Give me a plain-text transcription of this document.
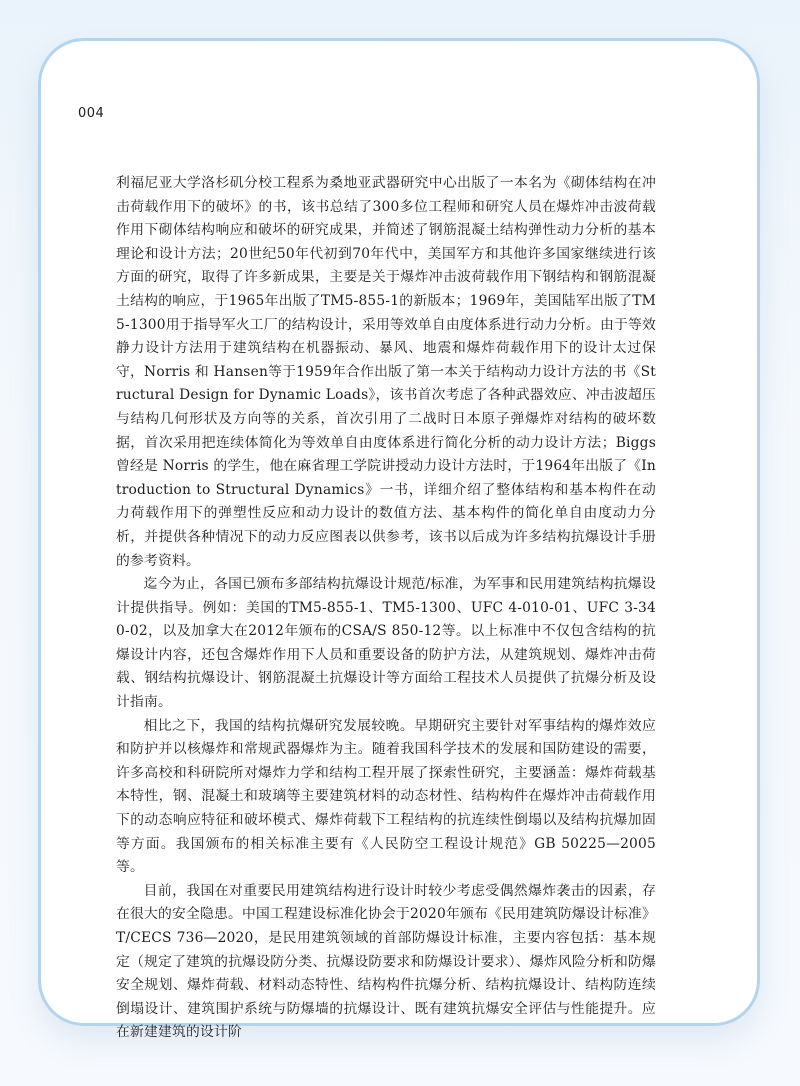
004

利福尼亚大学洛杉矶分校工程系为桑地亚武器研究中心出版了一本名为《砌体结构在冲击荷载作用下的破坏》的书，该书总结了300多位工程师和研究人员在爆炸冲击波荷载作用下砌体结构响应和破坏的研究成果，并简述了钢筋混凝土结构弹性动力分析的基本理论和设计方法；20世纪50年代初到70年代中，美国军方和其他许多国家继续进行该方面的研究，取得了许多新成果，主要是关于爆炸冲击波荷载作用下钢结构和钢筋混凝土结构的响应，于1965年出版了TM5-855-1的新版本；1969年，美国陆军出版了TM5-1300用于指导军火工厂的结构设计，采用等效单自由度体系进行动力分析。由于等效静力设计方法用于建筑结构在机器振动、暴风、地震和爆炸荷载作用下的设计太过保守，Norris 和 Hansen等于1959年合作出版了第一本关于结构动力设计方法的书《Structural Design for Dynamic Loads》，该书首次考虑了各种武器效应、冲击波超压与结构几何形状及方向等的关系，首次引用了二战时日本原子弹爆炸对结构的破坏数据，首次采用把连续体简化为等效单自由度体系进行简化分析的动力设计方法；Biggs 曾经是 Norris 的学生，他在麻省理工学院讲授动力设计方法时，于1964年出版了《Introduction to Structural Dynamics》一书，详细介绍了整体结构和基本构件在动力荷载作用下的弹塑性反应和动力设计的数值方法、基本构件的简化单自由度动力分析，并提供各种情况下的动力反应图表以供参考，该书以后成为许多结构抗爆设计手册的参考资料。

迄今为止，各国已颁布多部结构抗爆设计规范/标准，为军事和民用建筑结构抗爆设计提供指导。例如：美国的TM5-855-1、TM5-1300、UFC 4-010-01、UFC 3-340-02，以及加拿大在2012年颁布的CSA/S 850-12等。以上标准中不仅包含结构的抗爆设计内容，还包含爆炸作用下人员和重要设备的防护方法，从建筑规划、爆炸冲击荷载、钢结构抗爆设计、钢筋混凝土抗爆设计等方面给工程技术人员提供了抗爆分析及设计指南。

相比之下，我国的结构抗爆研究发展较晚。早期研究主要针对军事结构的爆炸效应和防护并以核爆炸和常规武器爆炸为主。随着我国科学技术的发展和国防建设的需要，许多高校和科研院所对爆炸力学和结构工程开展了探索性研究，主要涵盖：爆炸荷载基本特性，钢、混凝土和玻璃等主要建筑材料的动态材性、结构构件在爆炸冲击荷载作用下的动态响应特征和破坏模式、爆炸荷载下工程结构的抗连续性倒塌以及结构抗爆加固等方面。我国颁布的相关标准主要有《人民防空工程设计规范》GB 50225—2005等。

目前，我国在对重要民用建筑结构进行设计时较少考虑受偶然爆炸袭击的因素，存在很大的安全隐患。中国工程建设标准化协会于2020年颁布《民用建筑防爆设计标准》T/CECS 736—2020，是民用建筑领域的首部防爆设计标准，主要内容包括：基本规定（规定了建筑的抗爆设防分类、抗爆设防要求和防爆设计要求）、爆炸风险分析和防爆安全规划、爆炸荷载、材料动态特性、结构构件抗爆分析、结构抗爆设计、结构防连续倒塌设计、建筑围护系统与防爆墙的抗爆设计、既有建筑抗爆安全评估与性能提升。应在新建建筑的设计阶
